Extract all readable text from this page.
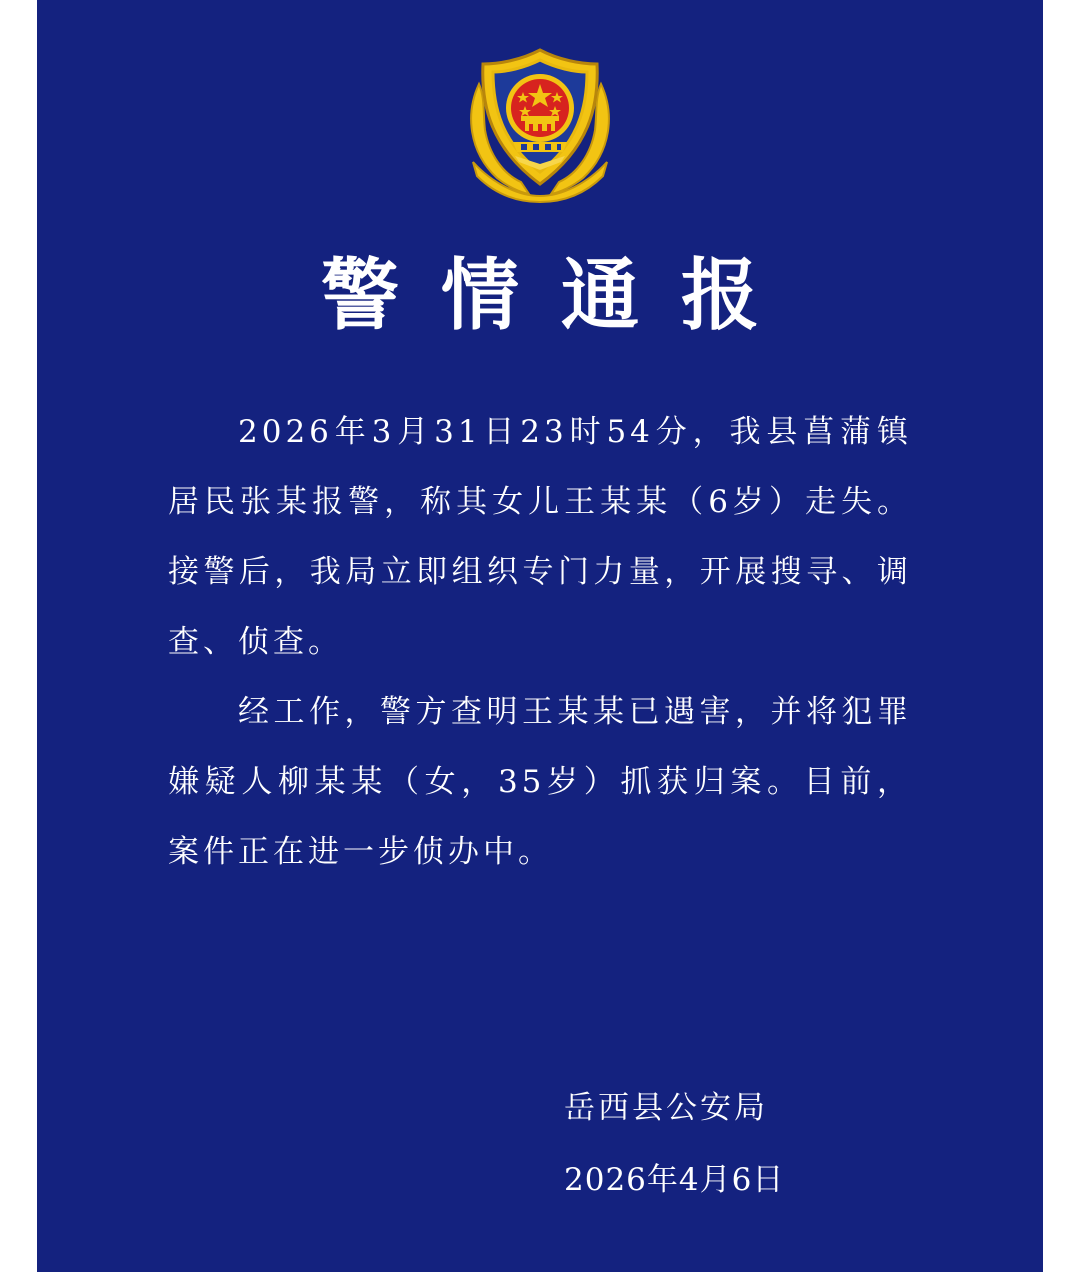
警情通报

2026年3月31日23时54分，我县菖蒲镇居民张某报警，称其女儿王某某（6岁）走失。接警后，我局立即组织专门力量，开展搜寻、调查、侦查。

经工作，警方查明王某某已遇害，并将犯罪嫌疑人柳某某（女，35岁）抓获归案。目前，案件正在进一步侦办中。

岳西县公安局
2026年4月6日
